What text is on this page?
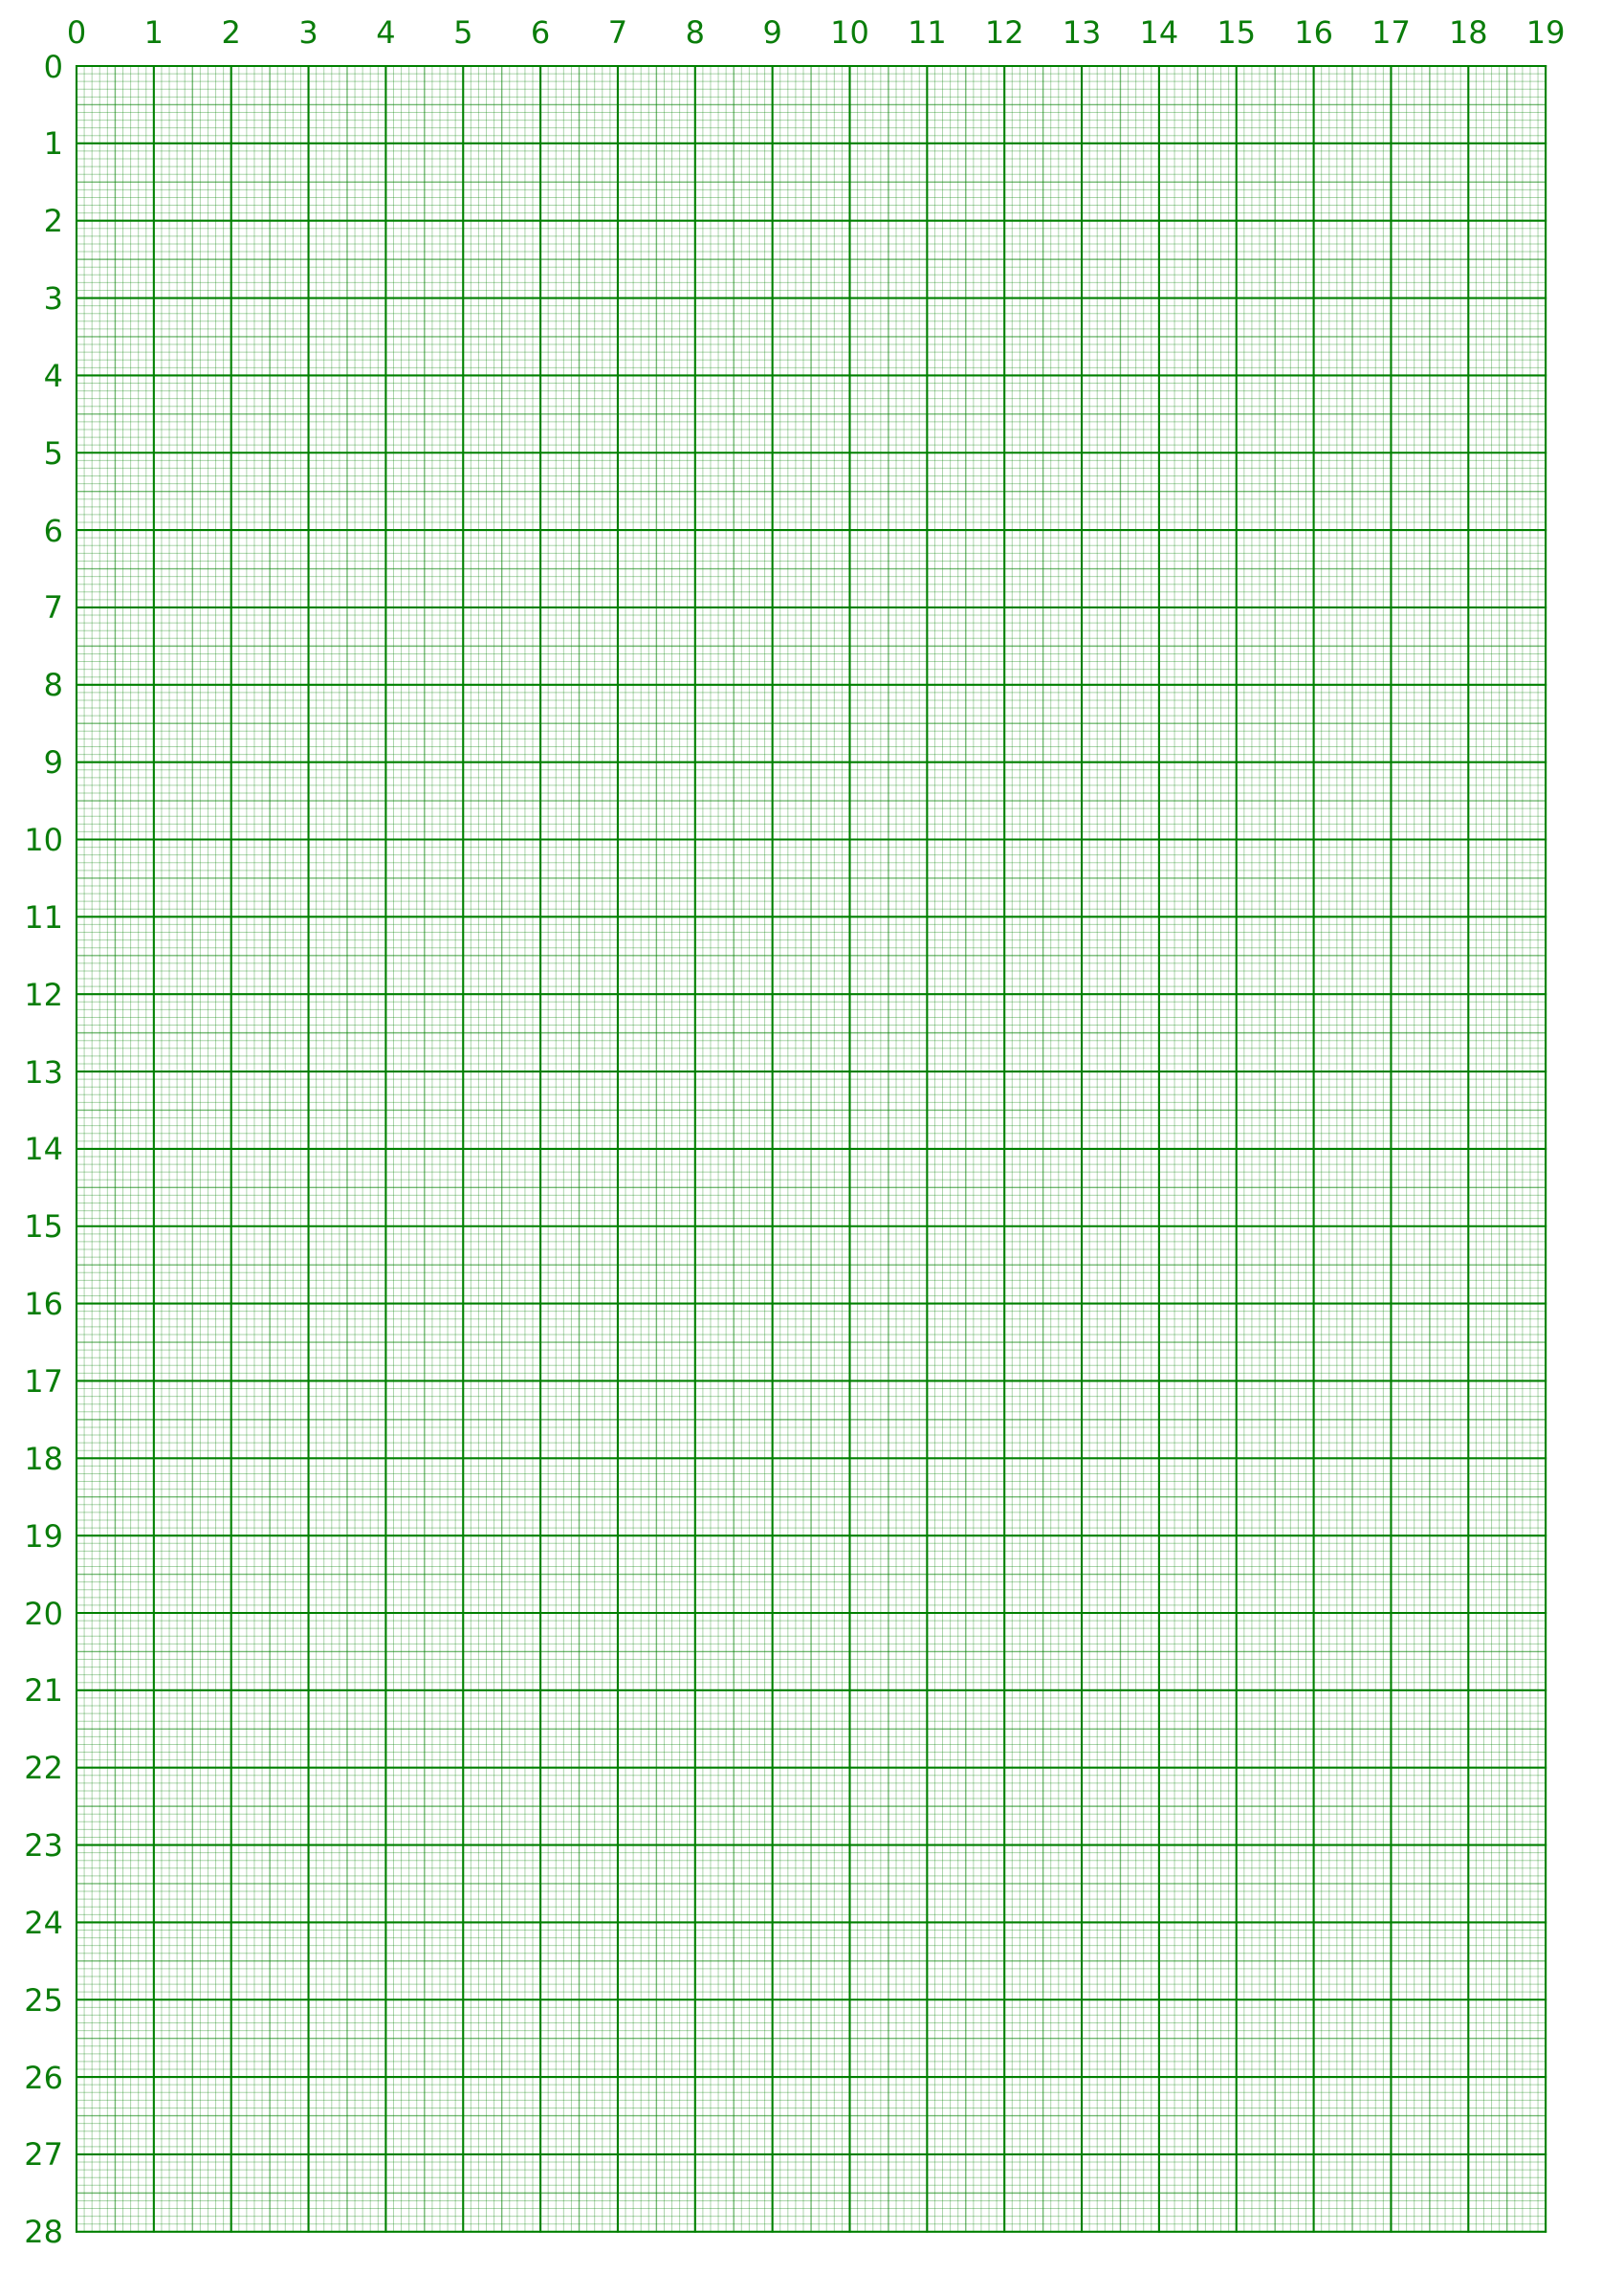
0	1	2	3	4	5	6	7	8	9	10	11	12	13	14	15	16	17	18	19
0
1
2
3
4
5
6
7
8
9
10
11
12
13
14
15
16
17
18
19
20
21
22
23
24
25
26
27
28
